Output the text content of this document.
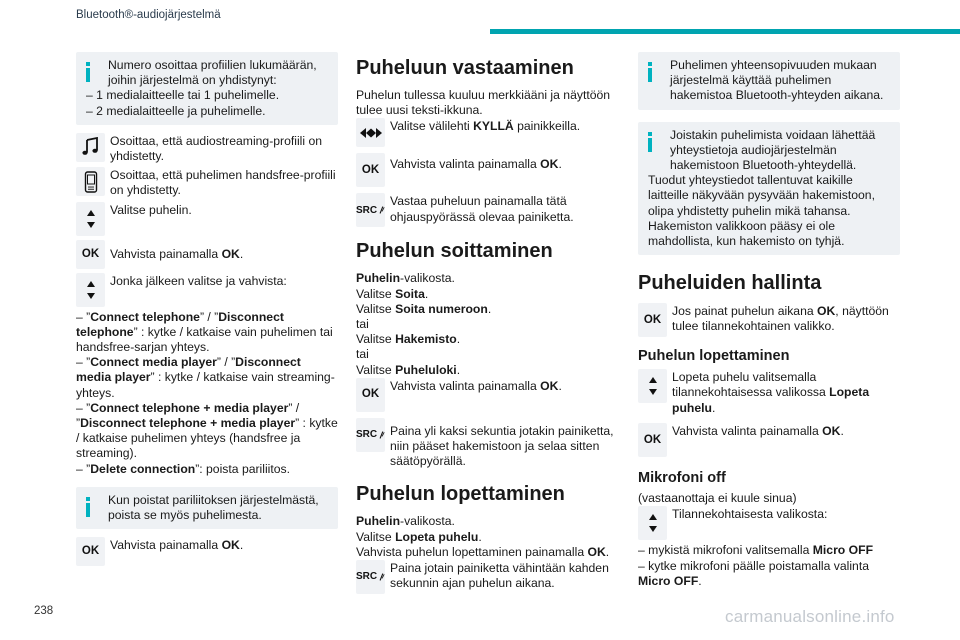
Bluetooth®-audiojärjestelmä
Numero osoittaa profiilien lukumäärän, joihin järjestelmä on yhdistynyt:
– 1 medialaitteelle tai 1 puhelimelle.
– 2 medialaitteelle ja puhelimelle.
Osoittaa, että audiostreaming-profiili on yhdistetty.
Osoittaa, että puhelimen handsfree-profiili on yhdistetty.
Valitse puhelin.
OK Vahvista painamalla OK.
Jonka jälkeen valitse ja vahvista:

– ”Connect telephone” / ”Disconnect telephone” : kytke / katkaise vain puhelimen tai handsfree-sarjan yhteys.

– ”Connect media player” / ”Disconnect media player” : kytke / katkaise vain streaming-yhteys.

– ”Connect telephone + media player” / ”Disconnect telephone + media player” : kytke / katkaise puhelimen yhteys (handsfree ja streaming).

– ”Delete connection”: poista pariliitos.

Kun poistat pariliitoksen järjestelmästä, poista se myös puhelimesta.
OK Vahvista painamalla OK.
Puheluun vastaaminen

Puhelun tullessa kuuluu merkkiääni ja näyttöön tulee uusi teksti-ikkuna.

Valitse välilehti KYLLÄ painikkeilla.
OK Vahvista valinta painamalla OK.
SRC
Vastaa puheluun painamalla tätä ohjauspyörässä olevaa painiketta.
Puhelun soittaminen

Puhelin-valikosta.

Valitse Soita.

Valitse Soita numeroon.

tai

Valitse Hakemisto.

tai

Valitse Puheluloki.

OK
Vahvista valinta painamalla OK.
SRC Paina yli kaksi sekuntia jotakin painiketta, niin pääset hakemistoon ja selaa sitten säätöpyörällä.
Puhelun lopettaminen

Puhelin-valikosta.

Valitse Lopeta puhelu.

Vahvista puhelun lopettaminen painamalla OK.

SRC
Paina jotain painiketta vähintään kahden sekunnin ajan puhelun aikana.
Puhelimen yhteensopivuuden mukaan järjestelmä käyttää puhelimen hakemistoa Bluetooth-yhteyden aikana.
Joistakin puhelimista voidaan lähettää yhteystietoja audiojärjestelmän hakemistoon Bluetooth-yhteydellä.
Tuodut yhteystiedot tallentuvat kaikille laitteille näkyvään pysyvään hakemistoon, olipa yhdistetty puhelin mikä tahansa.
Hakemiston valikkoon pääsy ei ole mahdollista, kun hakemisto on tyhjä.
Puheluiden hallinta
OK
Jos painat puhelun aikana OK, näyttöön tulee tilannekohtainen valikko.
Puhelun lopettaminen
Lopeta puhelu valitsemalla tilannekohtaisessa valikossa Lopeta puhelu.
OK
Vahvista valinta painamalla OK.
Mikrofoni off

(vastaanottaja ei kuule sinua)

Tilannekohtaisesta valikosta:

– mykistä mikrofoni valitsemalla Micro OFF

– kytke mikrofoni päälle poistamalla valinta Micro OFF.

238	carmanualsonline.info
